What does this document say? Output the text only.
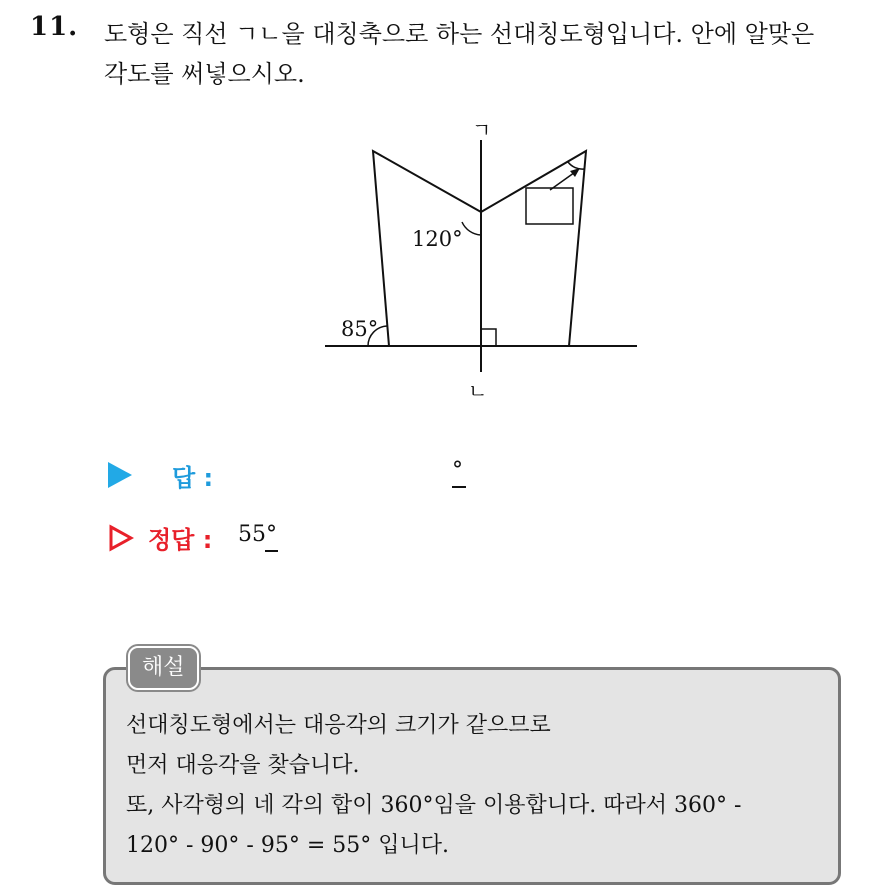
11. 도형은 직선 ㄱㄴ을 대칭축으로 하는 선대칭도형입니다. 안에 알맞은
각도를 써넣으시오.
ㄱ
ㄴ
120°
85°
답 :	°
정답 : 55°
해설
선대칭도형에서는 대응각의 크기가 같으므로
먼저 대응각을 찾습니다.
또, 사각형의 네 각의 합이 360°임을 이용합니다. 따라서 360° -
120° - 90° - 95° = 55° 입니다.
